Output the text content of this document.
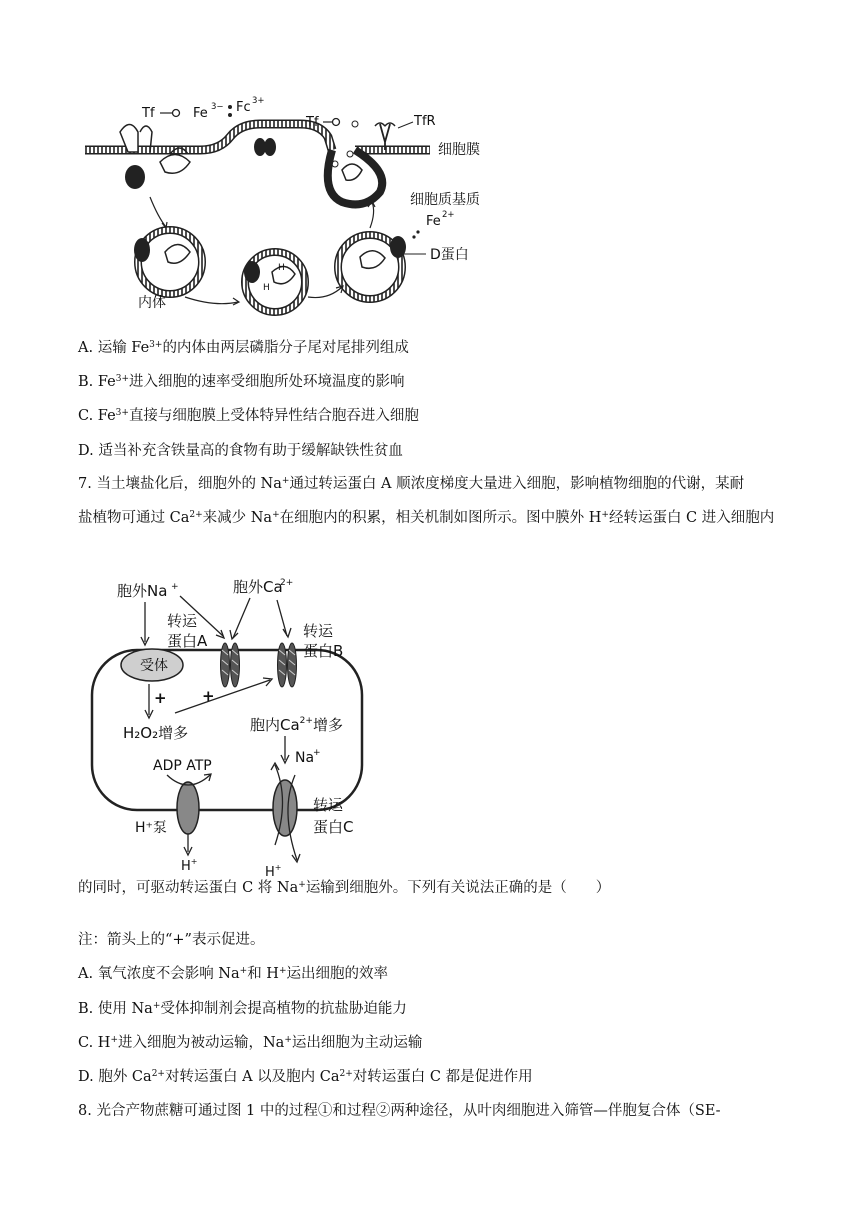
Tf	Fe 3− Fc 3+
Tf	TfR
细胞膜
H
H
细胞质基质
Fe 2+
D蛋白
内体
A. 运输 $Fe^{3+}$的内体由两层磷脂分子尾对尾排列组成
B. $Fe^{3+}$进入细胞的速率受细胞所处环境温度的影响
C. $Fe^{3+}$直接与细胞膜上受体特异性结合胞吞进入细胞
D. 适当补充含铁量高的食物有助于缓解缺铁性贫血
7. 当土壤盐化后，细胞外的 Na+通过转运蛋白 A 顺浓度梯度大量进入细胞，影响植物细胞的代谢，某耐
盐植物可通过 $Ca^{2+}$来减少 Na+在细胞内的积累，相关机制如图所示。图中膜外 H+经转运蛋白 C 进入细胞内
受体
胞外Na +	胞外Ca
2+
转运
蛋白A
转运
蛋白B
+ +
H₂O₂增多	胞内$Ca^{2+}$增多
Na
+
ADP ATP
H⁺泵
转运
蛋白C
H+
H+
的同时，可驱动转运蛋白 C 将 Na+运输到细胞外。下列有关说法正确的是（　　）
注：箭头上的“+”表示促进。
A. 氧气浓度不会影响 Na+和 H+运出细胞的效率
B. 使用 Na+受体抑制剂会提高植物的抗盐胁迫能力
C. H+进入细胞为被动运输，Na+运出细胞为主动运输
D. 胞外 $Ca^{2+}$对转运蛋白 A 以及胞内 $Ca^{2+}$对转运蛋白 C 都是促进作用
8. 光合产物蔗糖可通过图 1 中的过程①和过程②两种途径，从叶肉细胞进入筛管—伴胞复合体（SE-
